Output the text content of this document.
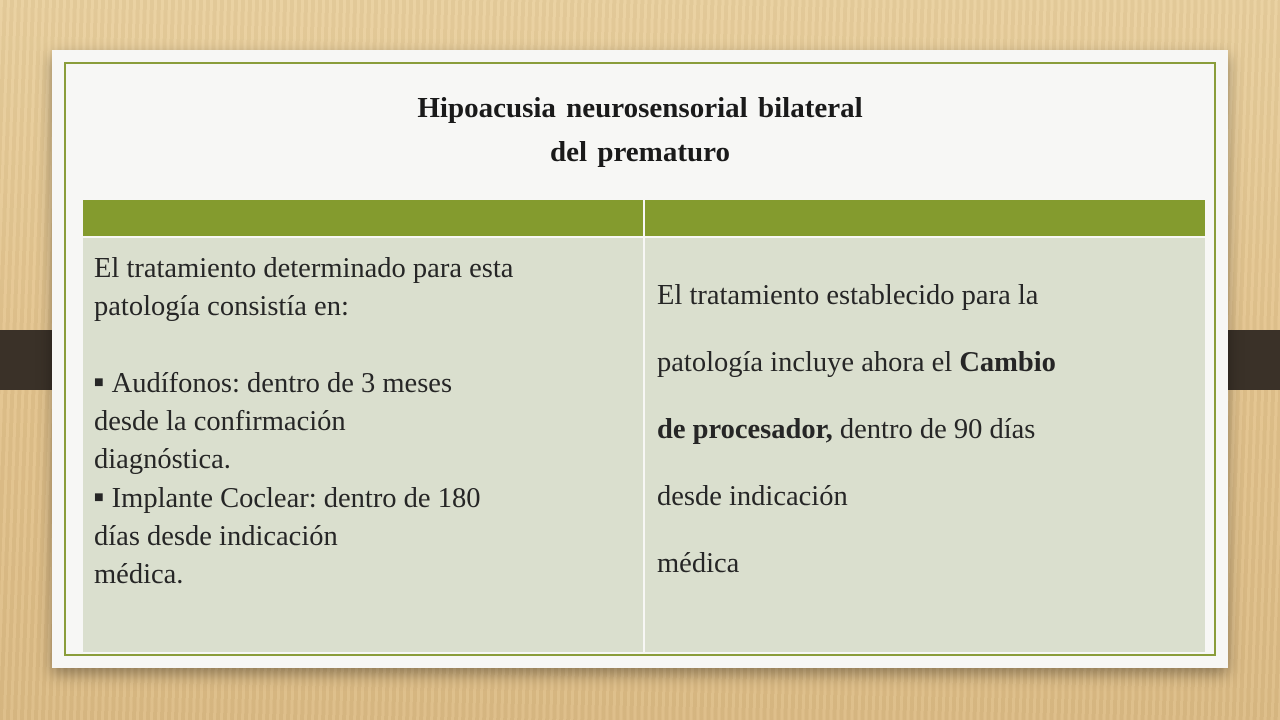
Hipoacusia neurosensorial bilateral
del prematuro

El tratamiento determinado para esta

patología consistía en:

■ Audífonos: dentro de 3 meses

desde la confirmación

diagnóstica.

■ Implante Coclear: dentro de 180

días desde indicación

médica.

El tratamiento establecido para la

patología incluye ahora el Cambio

de procesador, dentro de 90 días

desde indicación

médica
